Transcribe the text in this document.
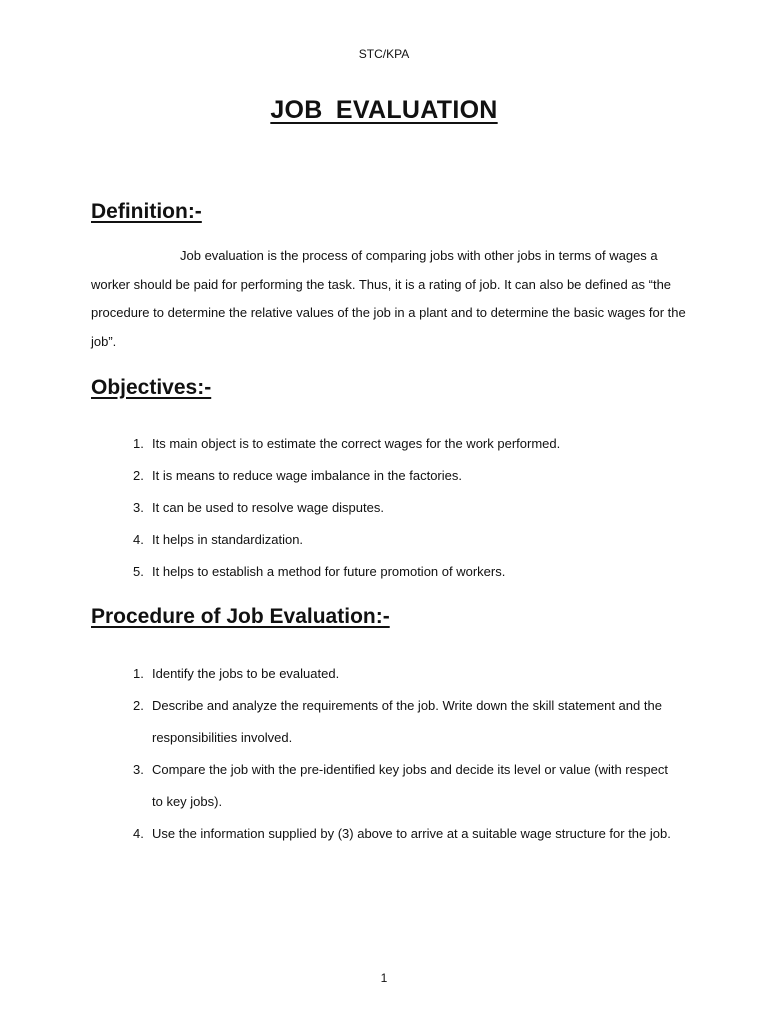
STC/KPA
JOB EVALUATION
Definition:-

Job evaluation is the process of comparing jobs with other jobs in terms of wages a worker should be paid for performing the task. Thus, it is a rating of job. It can also be defined as “the procedure to determine the relative values of the job in a plant and to determine the basic wages for the job”.

Objectives:-
1. Its main object is to estimate the correct wages for the work performed.
2. It is means to reduce wage imbalance in the factories.
3. It can be used to resolve wage disputes.
4. It helps in standardization.
5. It helps to establish a method for future promotion of workers.
Procedure of Job Evaluation:-
1. Identify the jobs to be evaluated.
2. Describe and analyze the requirements of the job. Write down the skill statement and the responsibilities involved.
3. Compare the job with the pre-identified key jobs and decide its level or value (with respect to key jobs).
4. Use the information supplied by (3) above to arrive at a suitable wage structure for the job.
1
